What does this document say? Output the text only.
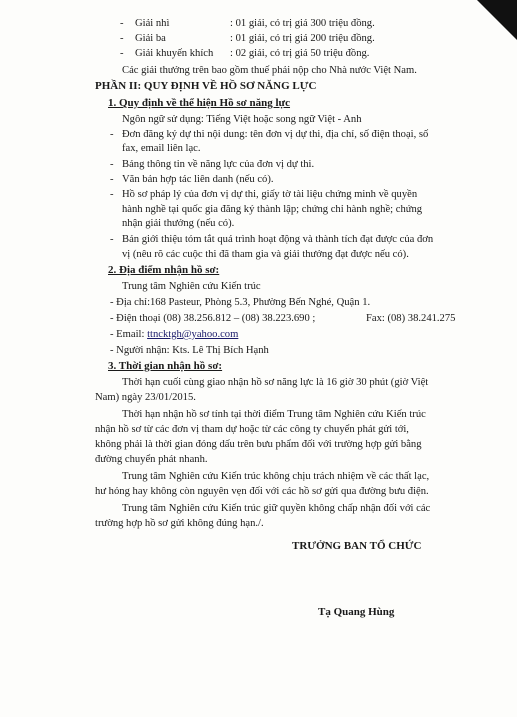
- Giải nhì	: 01 giải, có trị giá 300 triệu đồng.
- Giải ba	: 01 giải, có trị giá 200 triệu đồng.
- Giải khuyến khích : 02 giải, có trị giá 50 triệu đồng.
Các giải thưởng trên bao gồm thuế phải nộp cho Nhà nước Việt Nam.
PHẦN II: QUY ĐỊNH VỀ HỒ SƠ NĂNG LỰC
1. Quy định về thể hiện Hồ sơ năng lực
Ngôn ngữ sử dụng: Tiếng Việt hoặc song ngữ Việt - Anh
- Đơn đăng ký dự thi nội dung: tên đơn vị dự thi, địa chỉ, số điện thoại, số
fax, email liên lạc.
- Bảng thông tin về năng lực của đơn vị dự thi.
- Văn bản hợp tác liên danh (nếu có).
- Hồ sơ pháp lý của đơn vị dự thi, giấy tờ tài liệu chứng minh về quyền
hành nghề tại quốc gia đăng ký thành lập; chứng chỉ hành nghề; chứng
nhận giải thưởng (nếu có).
- Bản giới thiệu tóm tắt quá trình hoạt động và thành tích đạt được của đơn
vị (nêu rõ các cuộc thi đã tham gia và giải thưởng đạt được nếu có).
2. Địa điểm nhận hồ sơ:
Trung tâm Nghiên cứu Kiến trúc
- Địa chỉ:168 Pasteur, Phòng 5.3, Phường Bến Nghé, Quận 1.
- Điện thoại (08) 38.256.812 – (08) 38.223.690 ;	Fax: (08) 38.241.275
- Email: ttncktgh@yahoo.com
- Người nhận: Kts. Lê Thị Bích Hạnh
3. Thời gian nhận hồ sơ:
Thời hạn cuối cùng giao nhận hồ sơ năng lực là 16 giờ 30 phút (giờ Việt
Nam) ngày 23/01/2015.
Thời hạn nhận hồ sơ tính tại thời điểm Trung tâm Nghiên cứu Kiến trúc
nhận hồ sơ từ các đơn vị tham dự hoặc từ các công ty chuyển phát gửi tới,
không phải là thời gian đóng dấu trên bưu phẩm đối với trường hợp gửi bằng
đường chuyển phát nhanh.
Trung tâm Nghiên cứu Kiến trúc không chịu trách nhiệm về các thất lạc,
hư hỏng hay không còn nguyên vẹn đối với các hồ sơ gửi qua đường bưu điện.
Trung tâm Nghiên cứu Kiến trúc giữ quyền không chấp nhận đối với các
trường hợp hồ sơ gửi không đúng hạn./.
TRƯỞNG BAN TỔ CHỨC
Tạ Quang Hùng
